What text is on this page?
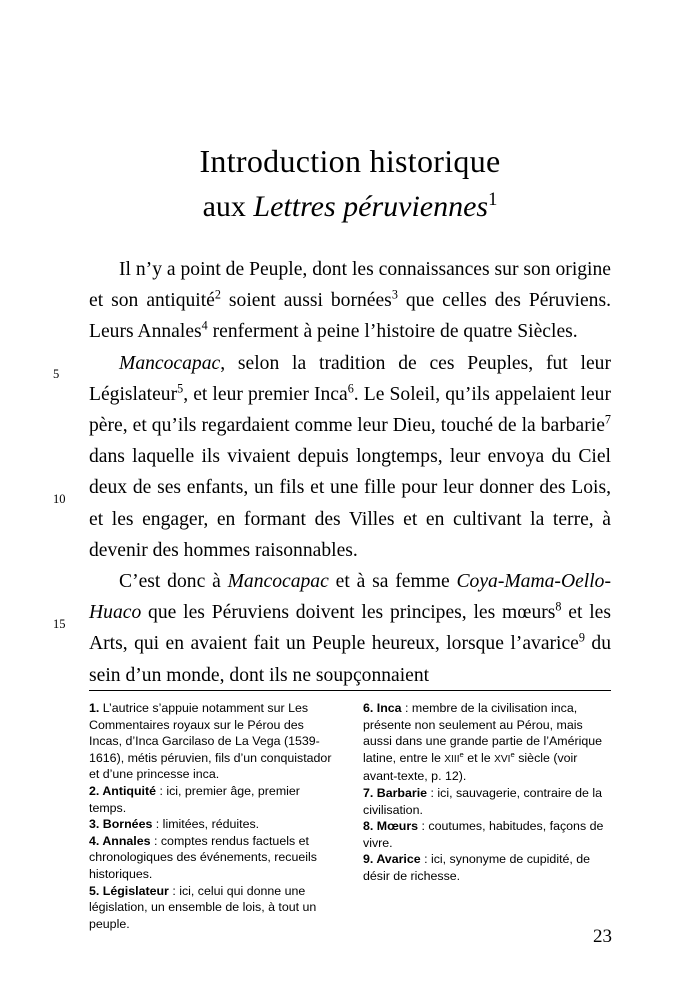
Introduction historique
aux Lettres péruviennes$^1$
5
10
15

Il n’y a point de Peuple, dont les connaissances sur son origine et son antiquité$^2$ soient aussi bornées$^3$ que celles des Péruviens. Leurs Annales$^4$ renferment à peine l’histoire de quatre Siècles.

Mancocapac, selon la tradition de ces Peuples, fut leur Législateur$^5$, et leur premier Inca$^6$. Le Soleil, qu’ils appelaient leur père, et qu’ils regardaient comme leur Dieu, touché de la barbarie$^7$ dans laquelle ils vivaient depuis longtemps, leur envoya du Ciel deux de ses enfants, un fils et une fille pour leur donner des Lois, et les engager, en formant des Villes et en cultivant la terre, à devenir des hommes raisonnables.

C’est donc à Mancocapac et à sa femme Coya-Mama-Oello-Huaco que les Péruviens doivent les principes, les mœurs$^8$ et les Arts, qui en avaient fait un Peuple heureux, lorsque l’avarice$^9$ du sein d’un monde, dont ils ne soupçonnaient

1. L’autrice s’appuie notamment sur Les Commentaires royaux sur le Pérou des Incas, d’Inca Garcilaso de La Vega (1539-1616), métis péruvien, fils d’un conquistador et d’une princesse inca.

2. Antiquité : ici, premier âge, premier temps.

3. Bornées : limitées, réduites.

4. Annales : comptes rendus factuels et chronologiques des événements, recueils historiques.

5. Législateur : ici, celui qui donne une législation, un ensemble de lois, à tout un peuple.

6. Inca : membre de la civilisation inca, présente non seulement au Pérou, mais aussi dans une grande partie de l’Amérique latine, entre le XIIIe et le XVIe siècle (voir avant-texte, p. 12).

7. Barbarie : ici, sauvagerie, contraire de la civilisation.

8. Mœurs : coutumes, habitudes, façons de vivre.

9. Avarice : ici, synonyme de cupidité, de désir de richesse.

23
